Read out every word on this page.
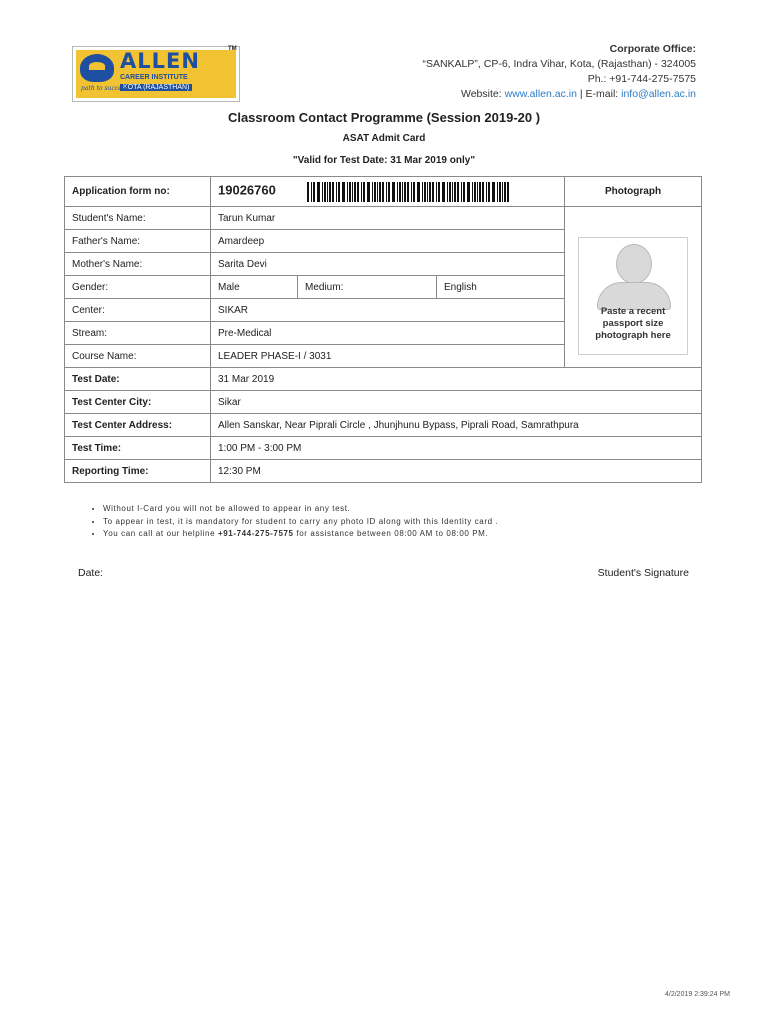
ALLEN
CAREER INSTITUTE
KOTA (RAJASTHAN)
path to success
TM	Corporate Office:
“SANKALP”, CP-6, Indra Vihar, Kota, (Rajasthan) - 324005
Ph.: +91-744-275-7575
Website: www.allen.ac.in | E-mail: info@allen.ac.in
Classroom Contact Programme (Session 2019-20 )
ASAT Admit Card
"Valid for Test Date: 31 Mar 2019 only"
Application form no:	19026760			Photograph
Student's Name:	Tarun Kumar			Paste a recent
passport size
photograph here

Father's Name:	Amardeep			
Mother's Name:	Sarita Devi			
Gender:	Male	Medium:	English	
Center:	SIKAR			
Stream:	Pre-Medical			
Course Name:	LEADER PHASE-I / 3031			
Test Date:	31 Mar 2019			
Test Center City:	Sikar			
Test Center Address:	Allen Sanskar, Near Piprali Circle , Jhunjhunu Bypass, Piprali Road, Samrathpura			
Test Time:	1:00 PM - 3:00 PM			
Reporting Time:	12:30 PM			
• Without I-Card you will not be allowed to appear in any test.
• To appear in test, it is mandatory for student to carry any photo ID along with this Identity card .
• You can call at our helpline +91-744-275-7575 for assistance between 08:00 AM to 08:00 PM.
Date:	Student's Signature
4/2/2019 2:39:24 PM
